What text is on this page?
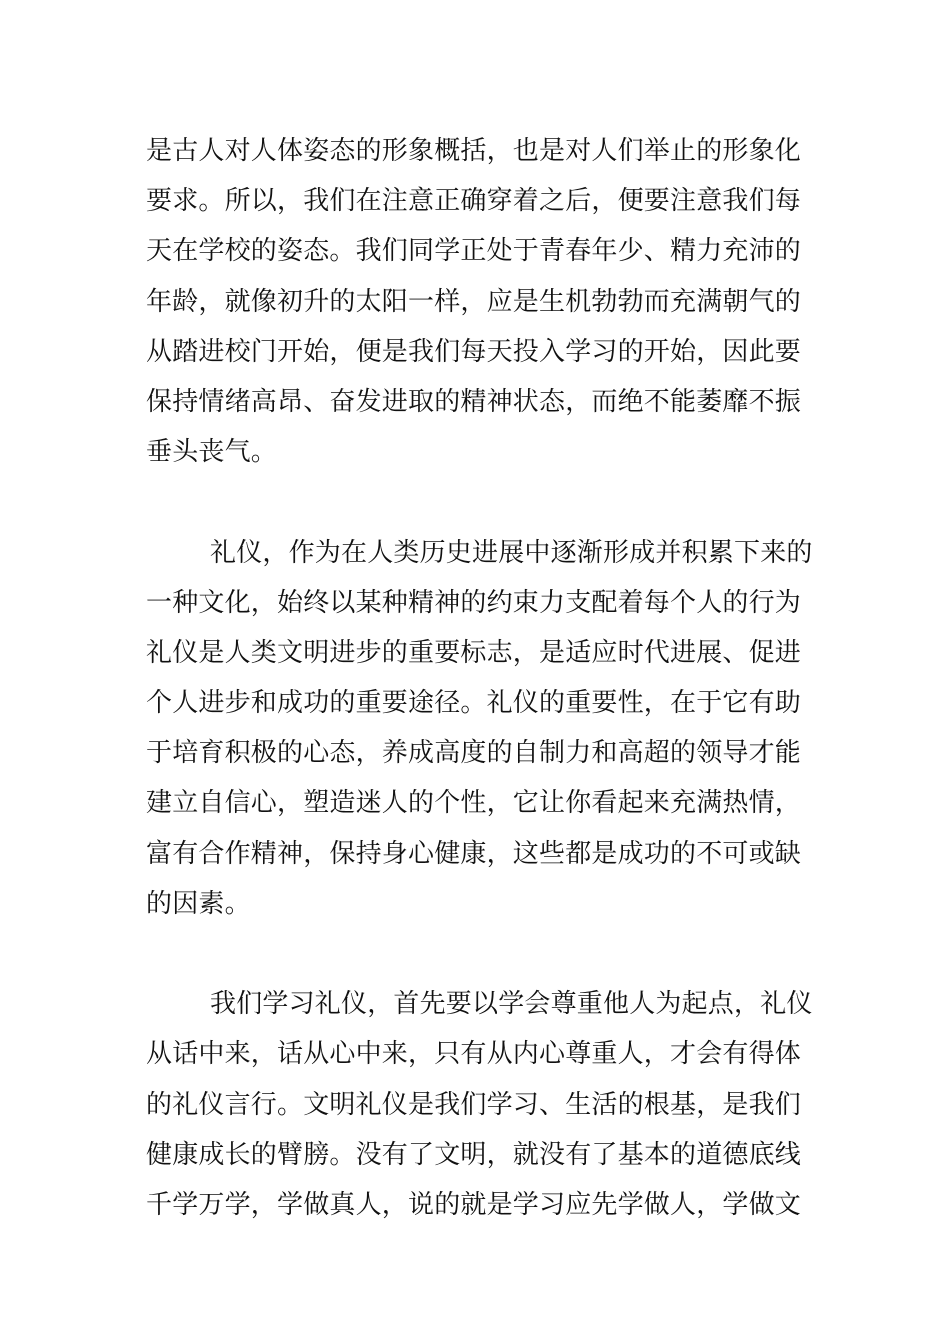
是古人对人体姿态的形象概括，也是对人们举止的形象化
要求。所以，我们在注意正确穿着之后，便要注意我们每
天在学校的姿态。我们同学正处于青春年少、精力充沛的
年龄，就像初升的太阳一样，应是生机勃勃而充满朝气的
从踏进校门开始，便是我们每天投入学习的开始，因此要
保持情绪高昂、奋发进取的精神状态，而绝不能萎靡不振
垂头丧气。
礼仪，作为在人类历史进展中逐渐形成并积累下来的
一种文化，始终以某种精神的约束力支配着每个人的行为
礼仪是人类文明进步的重要标志，是适应时代进展、促进
个人进步和成功的重要途径。礼仪的重要性，在于它有助
于培育积极的心态，养成高度的自制力和高超的领导才能
建立自信心，塑造迷人的个性，它让你看起来充满热情，
富有合作精神，保持身心健康，这些都是成功的不可或缺
的因素。
我们学习礼仪，首先要以学会尊重他人为起点，礼仪
从话中来，话从心中来，只有从内心尊重人，才会有得体
的礼仪言行。文明礼仪是我们学习、生活的根基，是我们
健康成长的臂膀。没有了文明，就没有了基本的道德底线
千学万学，学做真人，说的就是学习应先学做人，学做文
